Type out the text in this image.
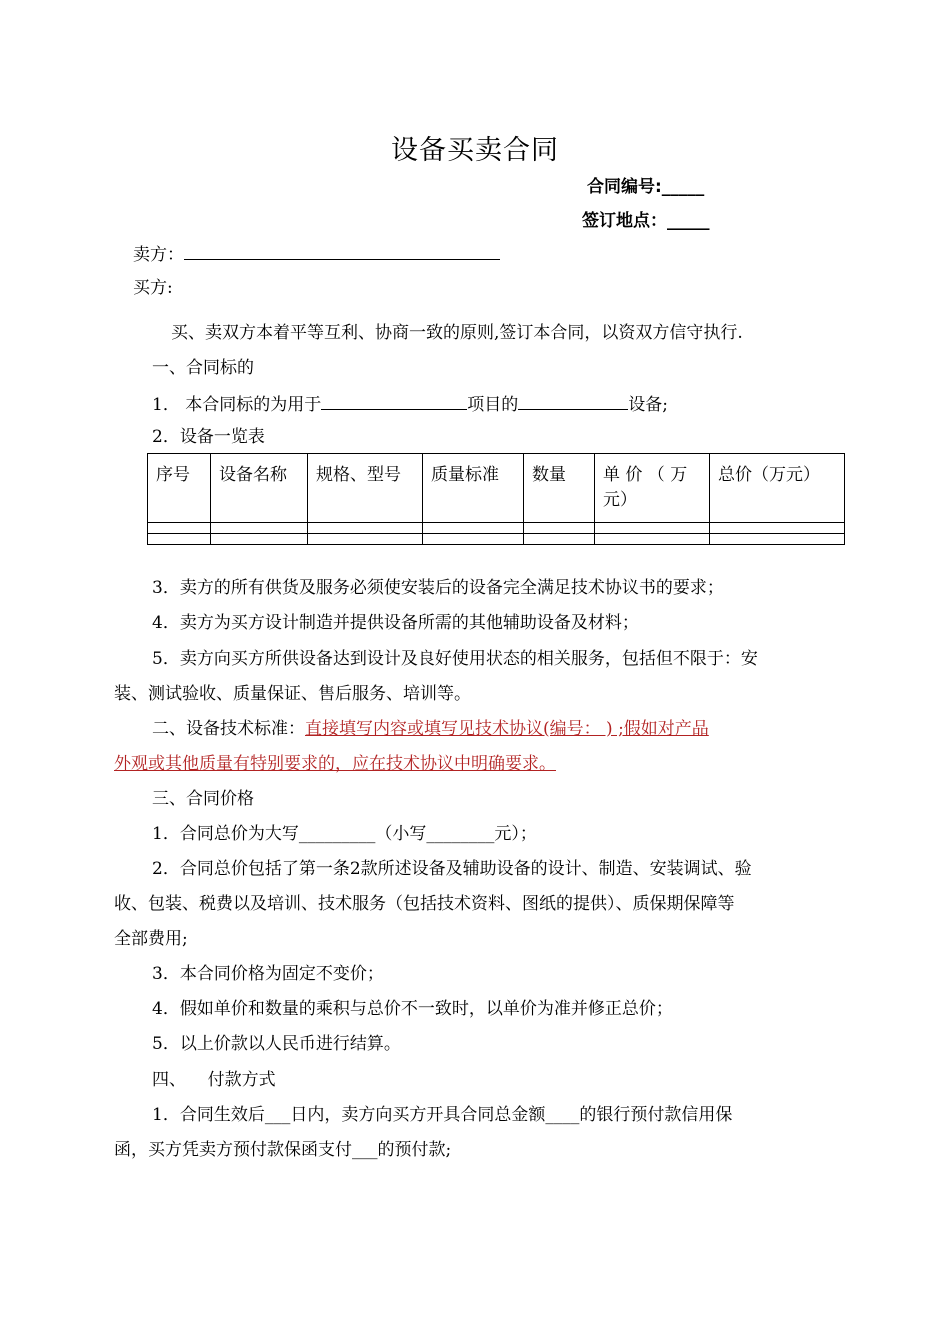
设备买卖合同
合同编号:_____
签订地点：_____
卖方：
买方:
买、卖双方本着平等互利、协商一致的原则,签订本合同，以资双方信守执行.
一、合同标的
1． 本合同标的为用于	项目的	设备;
2．设备一览表
序号	设备名称	规格、型号	质量标准	数量	单 价 （ 万 元）	总价（万元）

3．卖方的所有供货及服务必须使安装后的设备完全满足技术协议书的要求；
4．卖方为买方设计制造并提供设备所需的其他辅助设备及材料；
5．卖方向买方所供设备达到设计及良好使用状态的相关服务，包括但不限于：安
装、测试验收、质量保证、售后服务、培训等。
二、设备技术标准：直接填写内容或填写见技术协议(编号： ) ;假如对产品
外观或其他质量有特别要求的，应在技术协议中明确要求。
三、合同价格
1．合同总价为大写_________（小写________元）；
2．合同总价包括了第一条2款所述设备及辅助设备的设计、制造、安装调试、验
收、包装、税费以及培训、技术服务（包括技术资料、图纸的提供）、质保期保障等
全部费用;
3．本合同价格为固定不变价；
4．假如单价和数量的乘积与总价不一致时，以单价为准并修正总价；
5．以上价款以人民币进行结算。
四、    付款方式
1．合同生效后___日内，卖方向买方开具合同总金额____的银行预付款信用保
函，买方凭卖方预付款保函支付___的预付款;
